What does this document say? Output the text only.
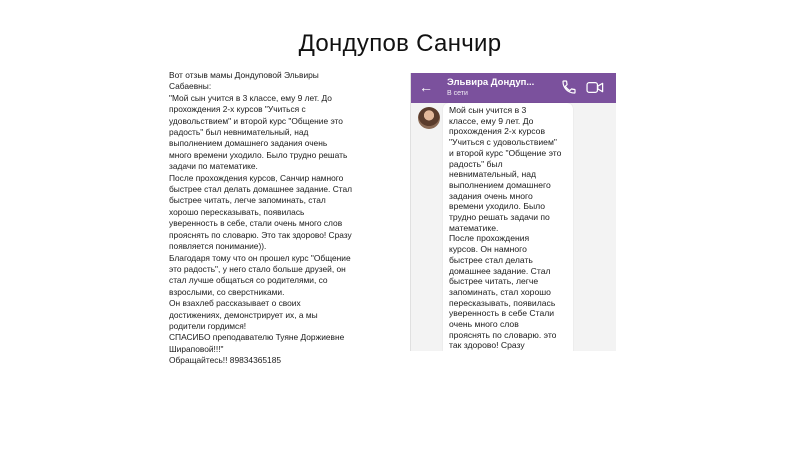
Дондупов Санчир
Вот отзыв мамы Дондуповой Эльвиры
Сабаевны:
"Мой сын учится в 3 классе, ему 9 лет. До
прохождения 2-х курсов "Учиться с
удовольствием" и второй курс "Общение это
радость" был невнимательный, над
выполнением домашнего задания очень
много времени уходило. Было трудно решать
задачи по математике.
После прохождения курсов, Санчир намного
быстрее стал делать домашнее задание. Стал
быстрее читать, легче запоминать, стал
хорошо пересказывать, появилась
уверенность в себе, стали очень много слов
прояснять по словарю. Это так здорово! Сразу
появляется понимание)).
Благодаря тому что он прошел курс "Общение
это радость", у него стало больше друзей, он
стал лучше общаться со родителями, со
взрослыми, со сверстниками.
Он взахлеб рассказывает о своих
достижениях, демонстрирует их, а мы
родители гордимся!
СПАСИБО преподавателю Туяне Доржиевне
Шираповой!!!"
Обращайтесь!! 89834365185
← Эльвира Дондуп...
В сети
Мой сын учится в 3
классе, ему 9 лет. До
прохождения 2-х курсов
"Учиться с удовольствием"
и второй курс "Общение это
радость" был
невнимательный, над
выполнением домашнего
задания очень много
времени уходило. Было
трудно решать задачи по
математике.
После прохождения
курсов. Он намного
быстрее стал делать
домашнее задание. Стал
быстрее читать, легче
запоминать, стал хорошо
пересказывать, появилась
уверенность в себе Стали
очень много слов
прояснять по словарю. это
так здорово! Сразу
